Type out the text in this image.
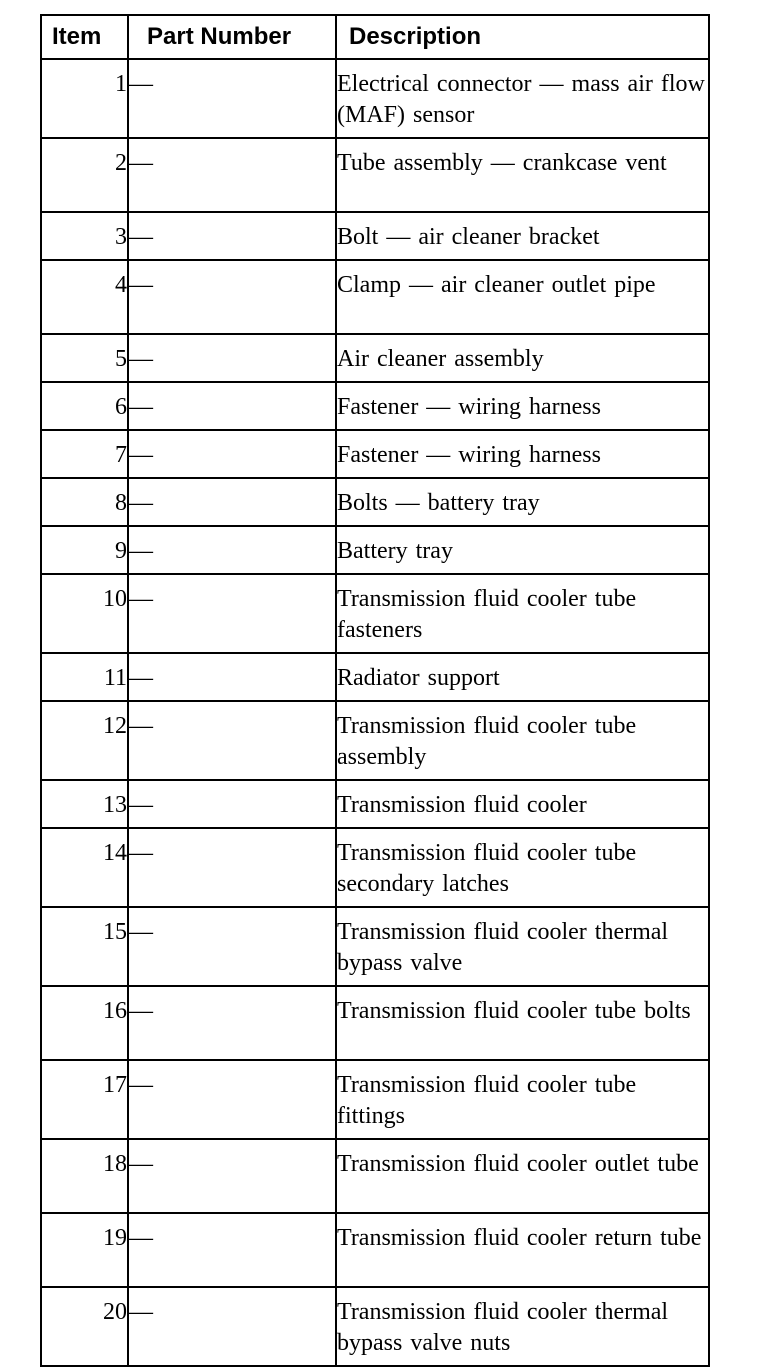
Item	Part Number	Description
1	—	Electrical connector — mass air flow (MAF) sensor
2	—	Tube assembly — crankcase vent
3	—	Bolt — air cleaner bracket
4	—	Clamp — air cleaner outlet pipe
5	—	Air cleaner assembly
6	—	Fastener — wiring harness
7	—	Fastener — wiring harness
8	—	Bolts — battery tray
9	—	Battery tray
10	—	Transmission fluid cooler tube fasteners
11	—	Radiator support
12	—	Transmission fluid cooler tube assembly
13	—	Transmission fluid cooler
14	—	Transmission fluid cooler tube secondary latches
15	—	Transmission fluid cooler thermal bypass valve
16	—	Transmission fluid cooler tube bolts
17	—	Transmission fluid cooler tube fittings
18	—	Transmission fluid cooler outlet tube
19	—	Transmission fluid cooler return tube
20	—	Transmission fluid cooler thermal bypass valve nuts
